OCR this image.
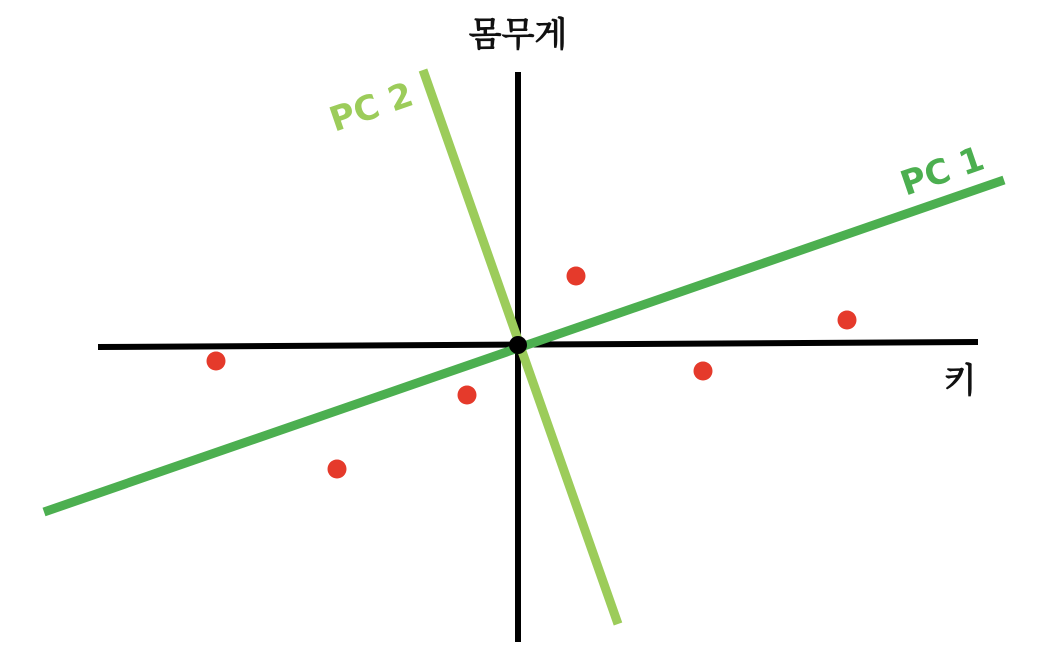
몸무게
키
PC 1
PC 2
